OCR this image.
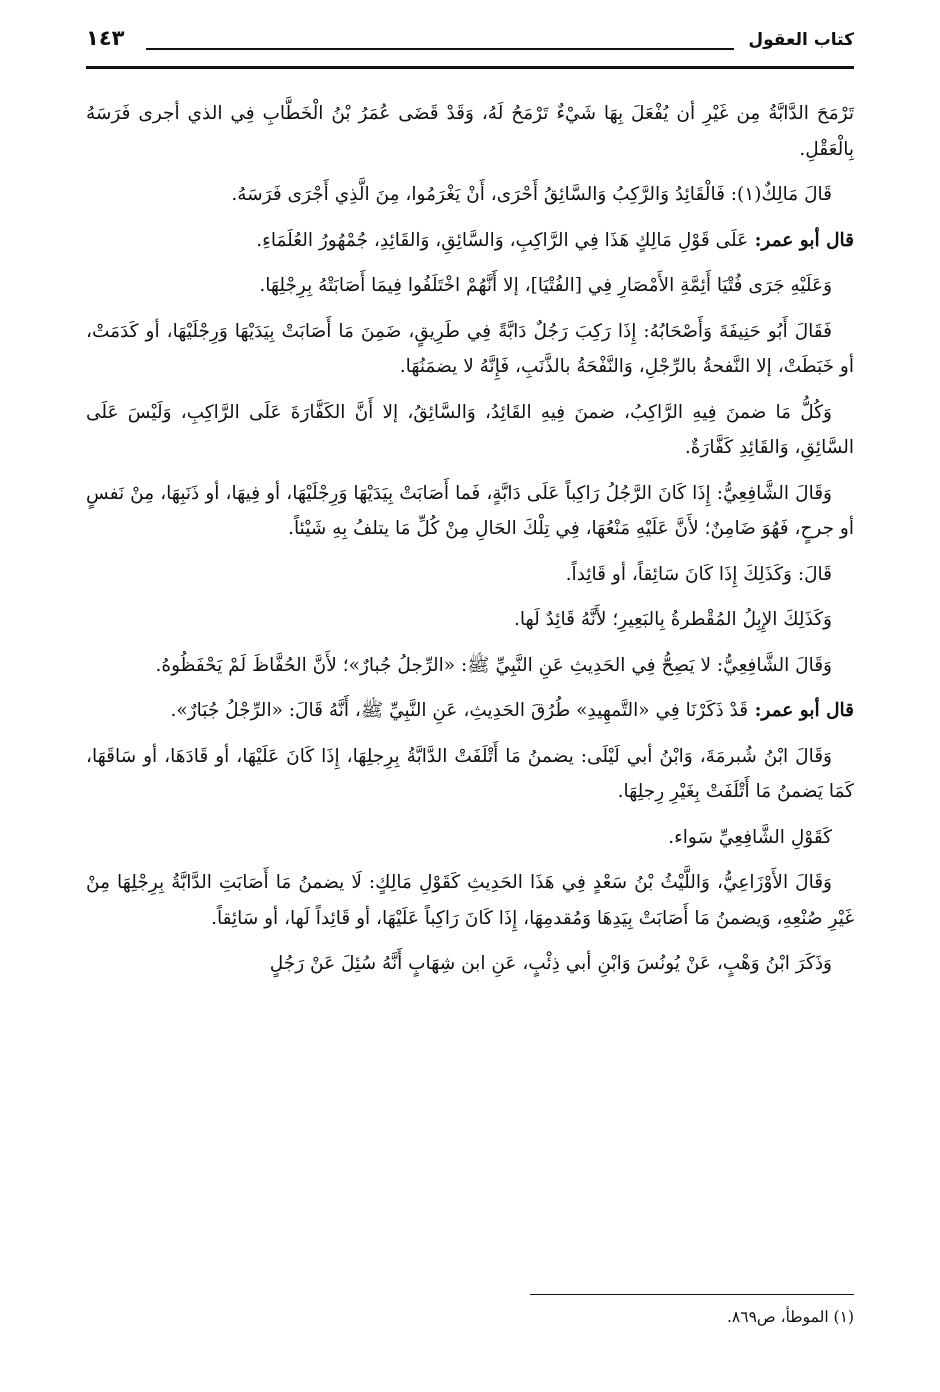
كتاب العقول
١٤٣

تَرْمَحَ الدَّابَّةُ مِن غَيْرِ أن يُفْعَلَ بِهَا شَيْءٌ تَرْمَحُ لَهُ، وَقَدْ قَضَى عُمَرُ بْنُ الْخَطَّابِ فِي الذي أجرى فَرَسَهُ بِالْعَقْلِ.

قَالَ مَالِكٌ(١): فَالْقَائِدُ وَالرَّكِبُ وَالسَّائِقُ أَحْرَى، أَنْ يَغْرَمُوا، مِنَ الَّذِي أَجْرَى فَرَسَهُ.

قال أبو عمر: عَلَى قَوْلِ مَالِكٍ هَذَا فِي الرَّاكِبِ، وَالسَّائِقِ، وَالقَائِدِ، جُمْهُورُ العُلَمَاءِ.

وَعَلَيْهِ جَرَى فُتْيَا أَئِمَّةِ الأَمْصَارِ فِي [الفُتْيَا]، إلا أَنَّهُمْ اخْتَلَفُوا فِيمَا أَصَابَتْهُ بِرِجْلِهَا.

فَقَالَ أَبُو حَنِيفَةَ وَأَصْحَابُهُ: إِذَا رَكِبَ رَجُلٌ دَابَّةً فِي طَرِيقٍ، ضَمِنَ مَا أَصَابَتْ بِيَدَيْهَا وَرِجْلَيْهَا، أو كَدَمَتْ، أو خَبَطَتْ، إلا النَّفحةُ بالرِّجْلِ، وَالنَّفْحَةُ بالذَّنَبِ، فَإِنَّهُ لا يضمَنُهَا.

وَكُلُّ مَا ضمنَ فِيهِ الرَّاكِبُ، ضمنَ فِيهِ القَائِدُ، وَالسَّائِقُ، إلا أَنَّ الكَفَّارَةَ عَلَى الرَّاكِبِ، وَلَيْسَ عَلَى السَّائِقِ، وَالقَائِدِ كَفَّارَةٌ.

وَقَالَ الشَّافِعِيُّ: إِذَا كَانَ الرَّجُلُ رَاكِباً عَلَى دَابَّةٍ، فَما أَصَابَتْ بِيَدَيْهَا وَرِجْلَيْهَا، أو فِيهَا، أو ذَنَبِهَا، مِنْ نَفسٍ أو جرحٍ، فَهُوَ ضَامِنٌ؛ لأَنَّ عَلَيْهِ مَنْعُهَا، فِي تِلْكَ الحَالِ مِنْ كُلِّ مَا يتلفُ بِهِ شَيْئاً.

قَالَ: وَكَذَلِكَ إِذَا كَانَ سَائِقاً، أو قَائِداً.

وَكَذَلِكَ الإِبِلُ المُقْطرةُ بِالبَعِيرِ؛ لأَنَّهُ قَائِدٌ لَها.

وَقَالَ الشَّافِعِيُّ: لا يَصِحُّ فِي الحَدِيثِ عَنِ النَّبِيِّ ﷺ: «الرِّجلُ جُبارٌ»؛ لأَنَّ الحُفَّاظَ لَمْ يَحْفَظُوهُ.

قال أبو عمر: قَدْ ذَكَرْنَا فِي «التَّمهِيدِ» طُرُقَ الحَدِيثِ، عَنِ النَّبِيِّ ﷺ، أَنَّهُ قَالَ: «الرِّجْلُ جُبَارٌ».

وَقَالَ ابْنُ شُبرمَةَ، وَابْنُ أبي لَيْلَى: يضمنُ مَا أَتْلَفَتْ الدَّابَّةُ بِرِجلِهَا، إِذَا كَانَ عَلَيْهَا، أو قَادَهَا، أو سَاقَهَا، كَمَا يَضمنُ مَا أَتْلَفَتْ بِغَيْرِ رِجلِهَا.

كَقَوْلِ الشَّافِعِيِّ سَواء.

وَقَالَ الأَوْزَاعِيُّ، وَاللَّيْثُ بْنُ سَعْدٍ فِي هَذَا الحَدِيثِ كَقَوْلِ مَالِكٍ: لَا يضمنُ مَا أَصَابَتِ الدَّابَّةُ بِرِجْلِهَا مِنْ غَيْرِ صُنْعِهِ، وَيضمنُ مَا أَصَابَتْ بِيَدِهَا وَمُقدمِهَا، إِذَا كَانَ رَاكِباً عَلَيْهَا، أو قَائِداً لَها، أو سَائِقاً.

وَذَكَرَ ابْنُ وَهْبٍ، عَنْ يُونُسَ وَابْنِ أبي ذِئْبٍ، عَنِ ابن شِهَابٍ أَنَّهُ سُئِلَ عَنْ رَجُلٍ

(١) الموطأ، ص٨٦٩.
